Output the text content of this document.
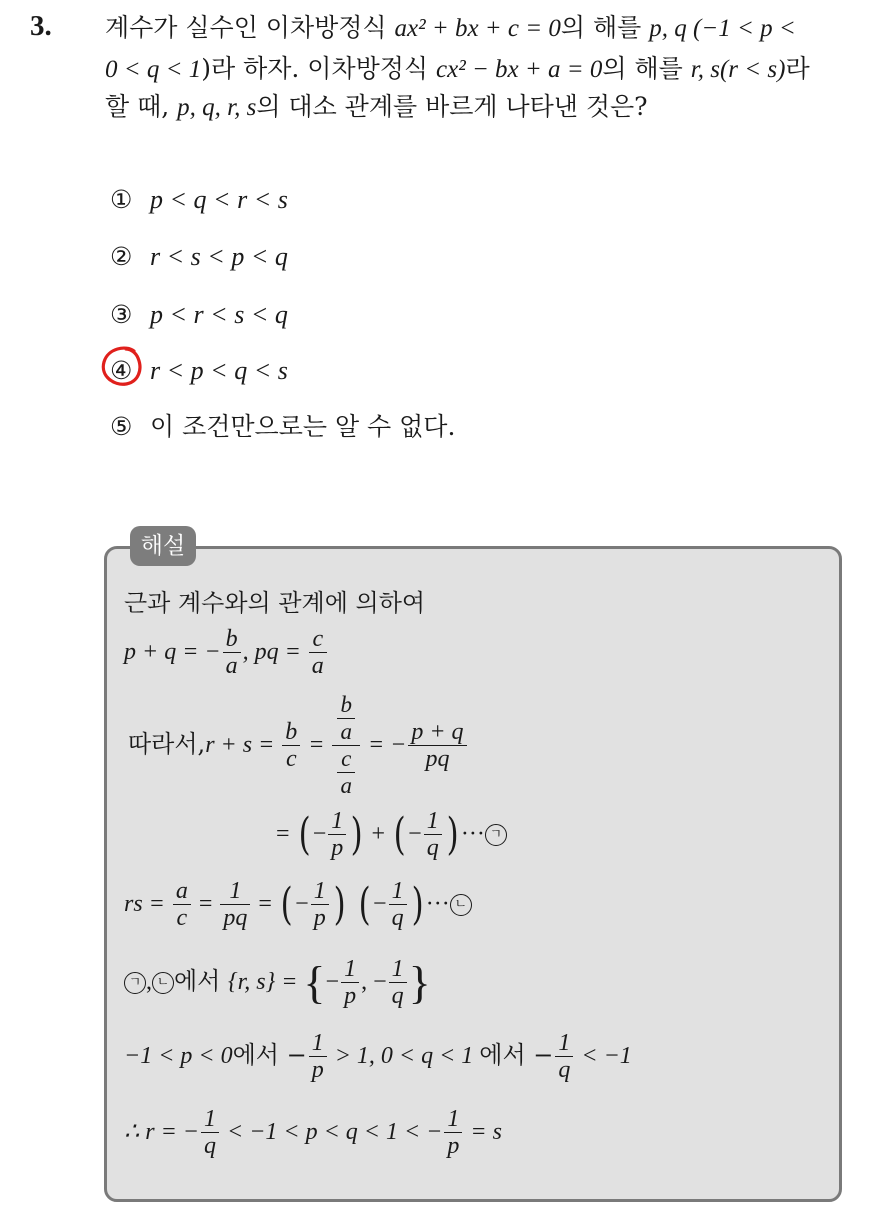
3. 계수가 실수인 이차방정식 ax² + bx + c = 0의 해를 p, q (−1 < p <
0 < q < 1)라 하자. 이차방정식 cx² − bx + a = 0의 해를 r, s(r < s)라
할 때, p, q, r, s의 대소 관계를 바르게 나타낸 것은?
① p < q < r < s
② r < s < p < q
③ p < r < s < q
④ r < p < q < s
⑤ 이 조건만으로는 알 수 없다.
해설
근과 계수와의 관계에 의하여
p + q = − $\frac{b}{a}$ , pq = $\frac{c}{a}$
따라서$,r + s = \frac{b}{c} = \frac{\frac{b}{a}}{\frac{c}{a}}$ = − $\frac{p + q}{pq}$
= ( − $\frac{1}{p}$ ) + ( − $\frac{1}{q}$ ) ··· ㄱ
rs = $\frac{a}{c} = \frac{1}{pq}$ = ( − $\frac{1}{p}$ ) ( − $\frac{1}{q}$ ) ··· ㄴ
ㄱ , ㄴ 에서 {r, s} = {− $\frac{1}{p}$ , − $\frac{1}{q}$ }
−1 < p < 0에서 − $\frac{1}{p} > 1$, 0 < q < 1 에서 − $\frac{1}{q} < -1$
∴ r = − $\frac{1}{q} < -1 < p < q < 1$ < − $\frac{1}{p} = s$
